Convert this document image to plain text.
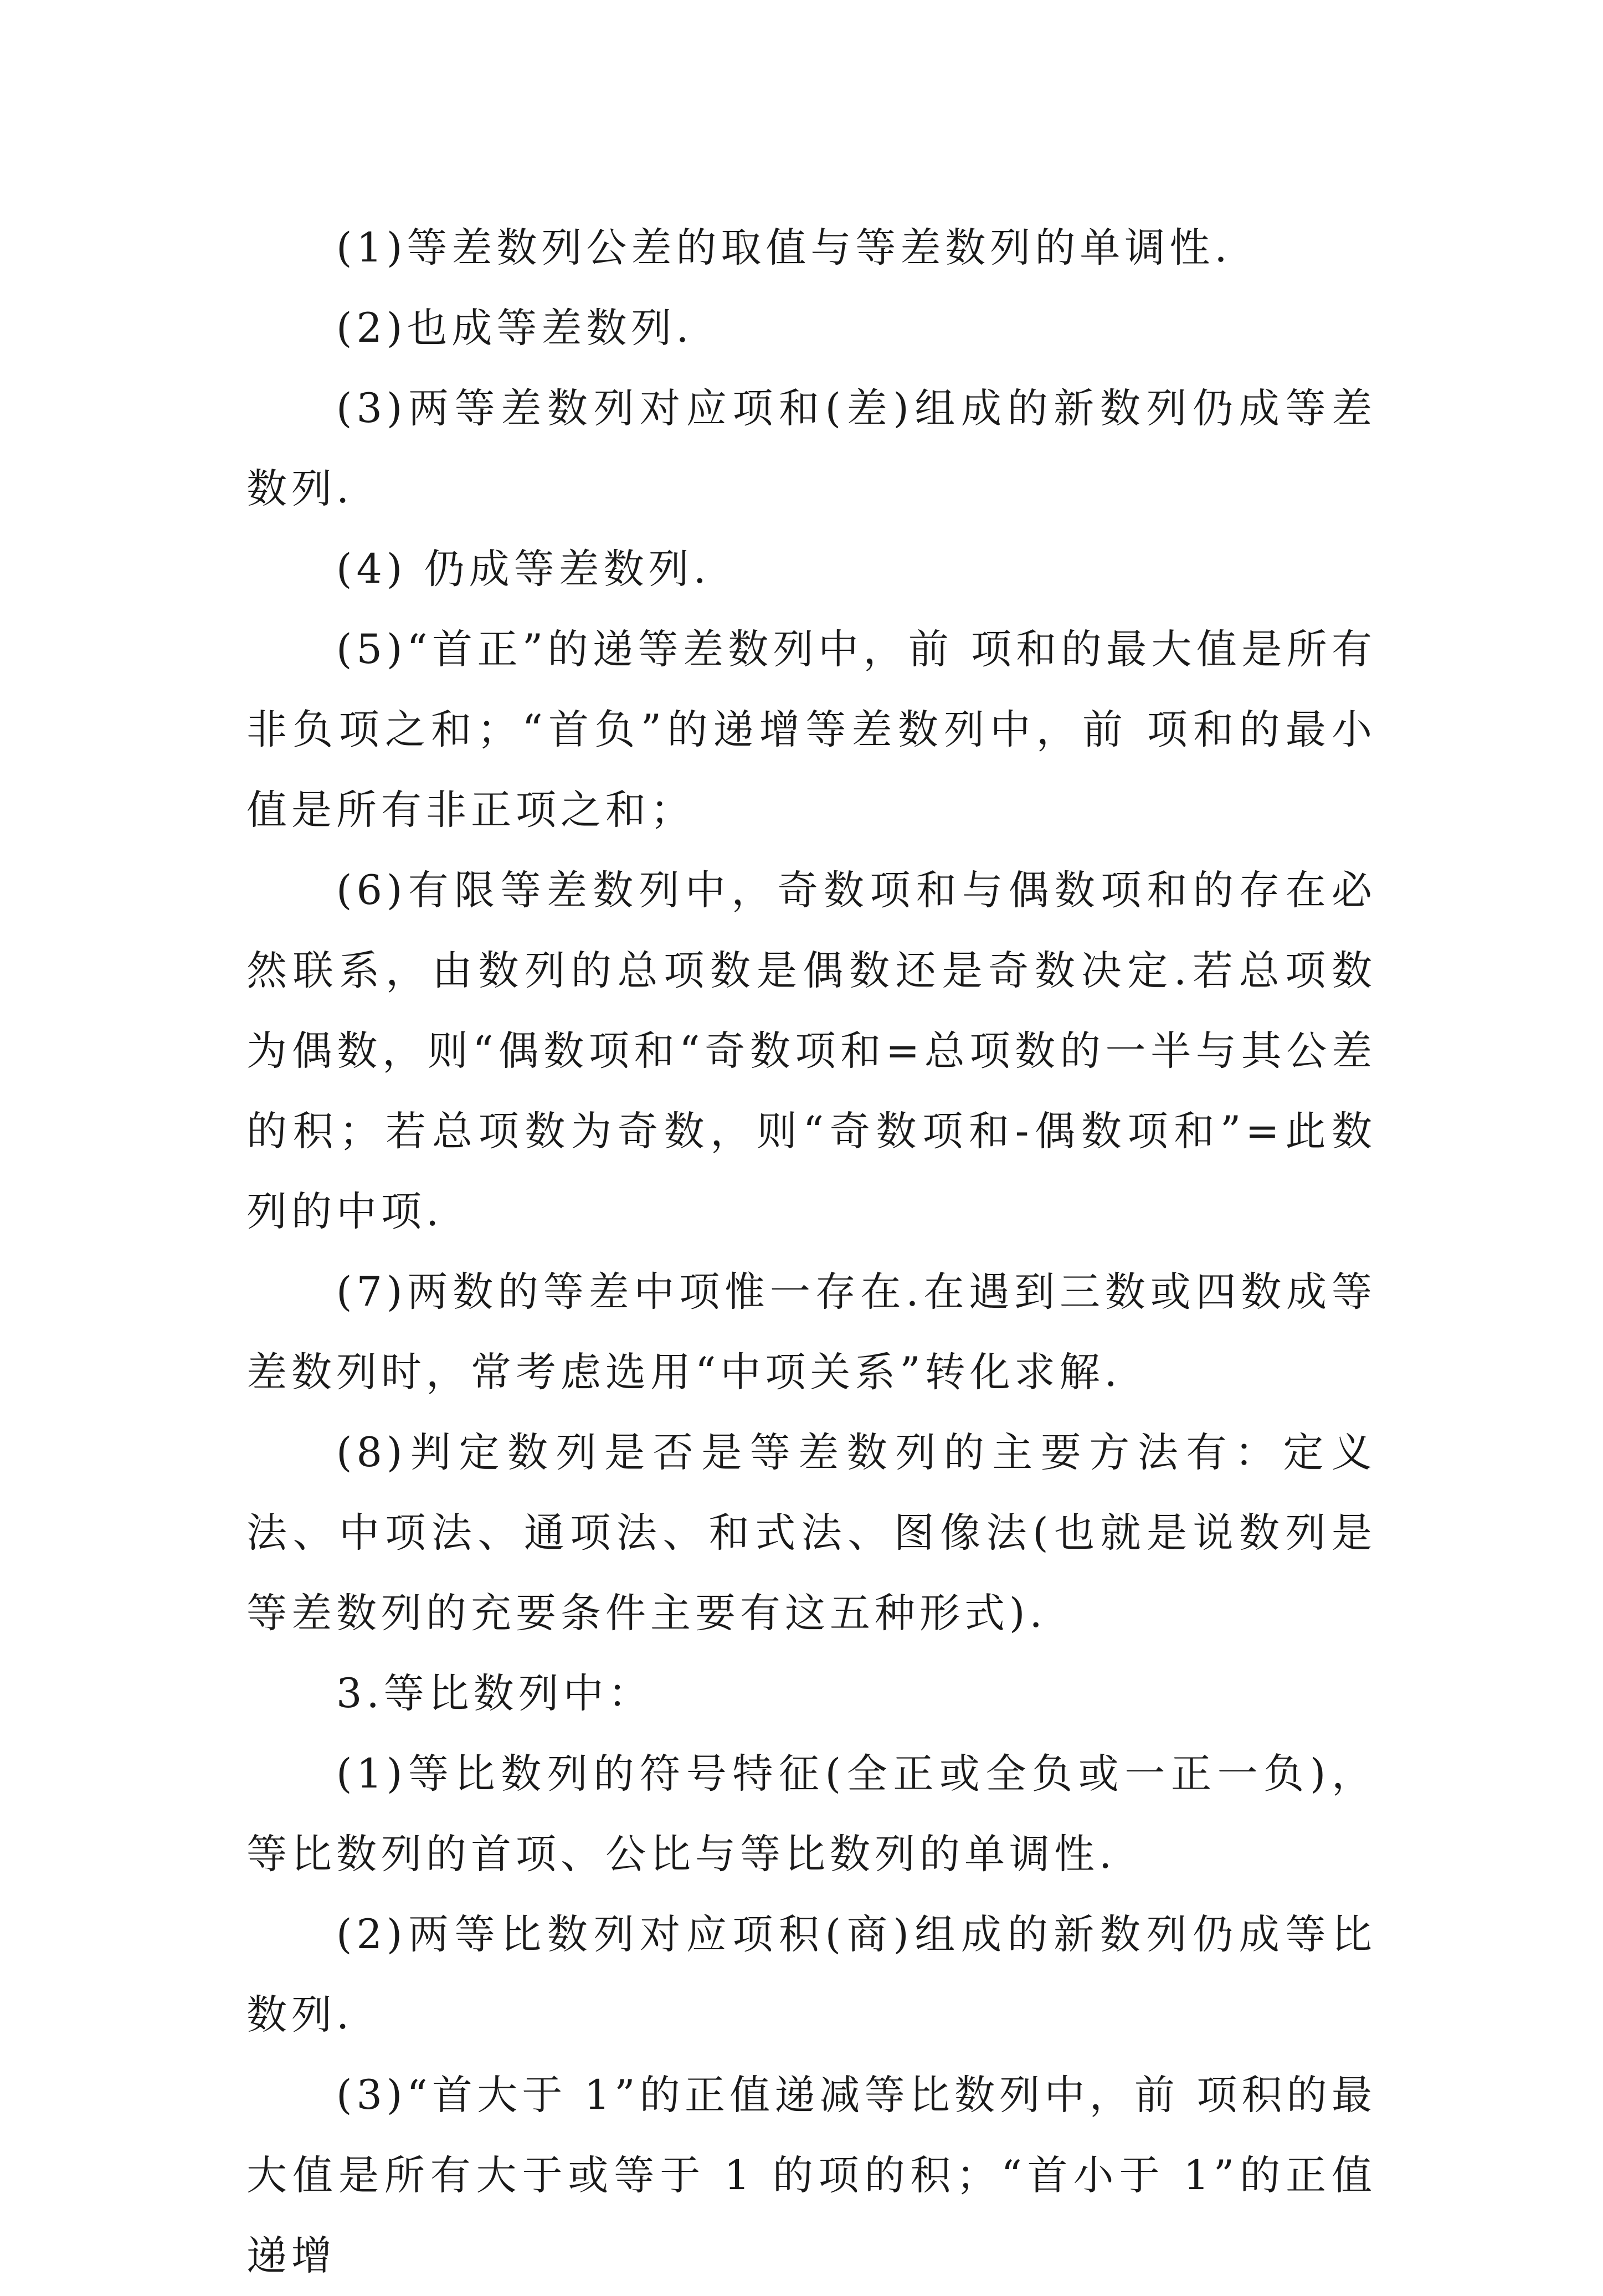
(1)等差数列公差的取值与等差数列的单调性.

(2)也成等差数列.

(3)两等差数列对应项和(差)组成的新数列仍成等差数列.

(4) 仍成等差数列.

(5)“首正”的递等差数列中，前 项和的最大值是所有非负项之和；“首负”的递增等差数列中，前 项和的最小值是所有非正项之和；

(6)有限等差数列中，奇数项和与偶数项和的存在必然联系，由数列的总项数是偶数还是奇数决定.若总项数为偶数，则“偶数项和“奇数项和=总项数的一半与其公差的积；若总项数为奇数，则“奇数项和-偶数项和”=此数列的中项.

(7)两数的等差中项惟一存在.在遇到三数或四数成等差数列时，常考虑选用“中项关系”转化求解.

(8)判定数列是否是等差数列的主要方法有：定义法、中项法、通项法、和式法、图像法(也就是说数列是等差数列的充要条件主要有这五种形式).

3.等比数列中：

(1)等比数列的符号特征(全正或全负或一正一负)，等比数列的首项、公比与等比数列的单调性.

(2)两等比数列对应项积(商)组成的新数列仍成等比数列.

(3)“首大于 1”的正值递减等比数列中，前 项积的最大值是所有大于或等于 1 的项的积；“首小于 1”的正值递增
